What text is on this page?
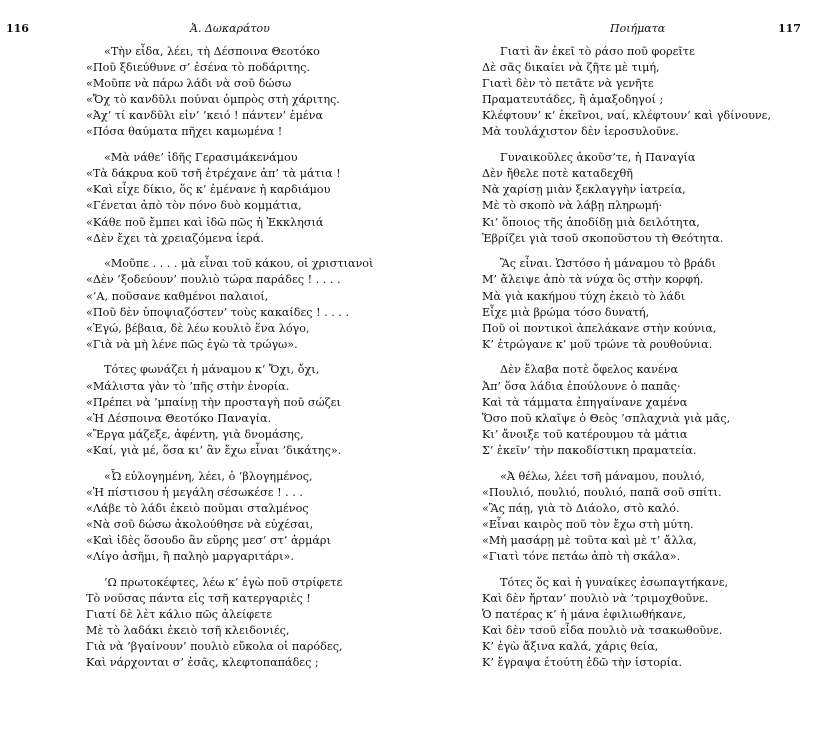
116	Ἀ. Δωκαράτου
«Τὴν εἶδα, λέει, τὴ Δέσποινα Θεοτόκο
«Ποῦ ξδιεύθυνε σ’ ἐσένα τὸ ποδάριτης.
«Μοῦπε νὰ πάρω λάδι νὰ σοῦ δώσω
«Ὄχ τὸ κανδῦλι πούναι ὀμπρὸς στὴ χάριτης.
«Ἀχ’ τί κανδῦλι εἰν’ ’κειό ! πάντεν’ ἐμένα
«Πόσα θαύματα πῆχει καμωμένα !
«Μὰ νάθε’ ἰδῆς Γερασιμάκενάμου
«Τὰ δάκρυα κοῦ τσῆ ἐτρέχανε ἀπ’ τὰ μάτια !
«Καὶ εἶχε δίκιο, ὅς κ’ ἐμένανε ἡ καρδιάμου
«Γένεται ἀπὸ τὸν πόνο δυὸ κομμάτια,
«Κάθε ποῦ ἔμπει καὶ ἰδῶ πῶς ἡ Ἐκκλησιά
«Δὲν ἔχει τὰ χρειαζόμενα ἱερά.
«Μοῦπε . . . . μὰ εἶναι τοῦ κάκου, οἱ χριστιανοὶ
«Δὲν ’ξοδεύουν’ πουλιὸ τώρα παράδες ! . . . .
«’Α, ποῦσανε καθμένοι παλαιοί,
«Ποῦ δὲν ὑποψιαζόστεν’ τοὺς κακαίδες ! . . . .
«Ἐγώ, βέβαια, δὲ λέω κουλιὸ ἕνα λόγο,
«Γιὰ νὰ μὴ λένε πῶς ἐγὼ τὰ τρώγω».
Τότες φωνάζει ἡ μάναμου κ’ Ὄχι, ὄχι,
«Μάλιστα γὰν τὸ ’πῆς στὴν ἐνορία.
«Πρέπει νὰ ’μπαίνῃ τὴν προσταγὴ ποῦ σώζει
«Ἡ Δέσποινα Θεοτόκο Παναγία.
«Ἔργα μάζεξε, ἀφέντη, γιὰ δνομάσης,
«Καί, γιὰ μέ, ὅσα κι’ ἂν ἔχω εἶναι ’δικάτης».
«Ὦ εὐλογημένη, λέει, ὁ ’βλογημένος,
«Ἡ πίστισου ἡ μεγάλη σέσωκέσε ! . . .
«Λάβε τὸ λάδι ἐκειὸ ποῦμαι σταλμένος
«Νὰ σοῦ δώσω ἀκολούθησε νὰ εὐχέσαι,
«Καὶ ἰδὲς ὅσουδο ἂν εὔρης μεσ’ στ’ ἀρμάρι
«Λίγο ἀσῆμι, ἢ παληὸ μαργαριτάρι».
’Ω πρωτοκέφτες, λέω κ’ ἐγὼ ποῦ στρίφετε
Τὸ νοῦσας πάντα εἰς τσῆ κατεργαριὲς !
Γιατί δὲ λὲτ κάλιο πῶς ἀλείφετε
Μὲ τὸ λαδάκι ἐκειὸ τσῆ κλειδονιές,
Γιὰ νὰ ’βγαίνουν’ πουλιὸ εὔκολα οἱ παρόδες,
Καὶ νάρχονται σ’ ἐσᾶς, κλεφτοπαπάδες ;
Ποιήματα	117
Γιατὶ ἂν ἐκεῖ τὸ ράσο ποῦ φορεῖτε
Δὲ σᾶς δικαίει νὰ ζῆτε μὲ τιμή,
Γιατὶ δὲν τὸ πετᾶτε νὰ γενῆτε
Πραματευτάδες, ἢ ἀμαξοδηγοί ;
Κλέφτουν’ κ’ ἐκεῖνοι, ναί, κλέφτουν’ καὶ γδίνουνε,
Μὰ τουλάχιστον δὲν ἱεροσυλοῦνε.
Γυναικοῦλες ἀκοῦσ’τε, ἡ Παναγία
Δὲν ἤθελε ποτὲ καταδεχθῆ
Νὰ χαρίσῃ μιὰν ξεκλαγγὴν ἰατρεία,
Μὲ τὸ σκοπὸ νὰ λάβῃ πληρωμή·
Κι’ ὅποιος τῆς ἀποδίδῃ μιὰ δειλότητα,
Ἐβρίζει γιὰ τσοῦ σκοποῦστου τὴ Θεότητα.
Ἂς εἶναι. Ὡστόσο ἡ μάναμου τὸ βράδι
Μ’ ἄλειψε ἀπὸ τὰ νύχα ὃς στὴν κορφή.
Μὰ γιὰ κακήμου τύχη ἐκειὸ τὸ λάδι
Εἶχε μιὰ βρώμα τόσο δυνατή,
Ποῦ οἱ ποντικοὶ ἀπελάκανε στὴν κούνια,
Κ’ ἐτρώγανε κ’ μοῦ τρώνε τὰ ρουθούνια.
Δὲν ἔλαβα ποτὲ ὄφελος κανένα
Ἀπ’ ὅσα λάδια ἐπούλουνε ὁ παπᾶς·
Καὶ τὰ τάμματα ἐπηγαίνανε χαμένα
Ὅσο ποῦ κλαῖψε ὁ Θεὸς ’σπλαχνιὰ γιὰ μᾶς,
Κι’ ἄνοιξε τοῦ κατέρουμου τὰ μάτια
Σ’ ἐκεῖν’ τὴν πακοδίστικη πραματεία.
«Ἀ θέλω, λέει τσῆ μάναμου, πουλιό,
«Πουλιό, πουλιό, πουλιό, παπᾶ σοῦ σπίτι.
«Ἂς πάῃ, γιὰ τὸ Διάολο, στὸ καλό.
«Εἶναι καιρὸς ποῦ τὸν ἔχω στὴ μύτη.
«Μὴ μασάρῃ μὲ τοῦτα καὶ μὲ τ’ ἄλλα,
«Γιατὶ τόνε πετάω ἀπὸ τὴ σκάλα».
Τότες ὅς καὶ ἡ γυναίκες ἐσωπαγτήκανε,
Καὶ δὲν ἤρταν’ πουλιὸ νὰ ’τριμοχθοῦνε.
Ὁ πατέρας κ’ ἡ μάνα ἐφιλιωθήκανε,
Καὶ δὲν τσοῦ εἶδα πουλιὸ νὰ τσακωθοῦνε.
Κ’ ἐγὼ ἄξινα καλά, χάρις θεία,
Κ’ ἔγραψα ἐτούτη ἐδῶ τὴν ἱστορία.
